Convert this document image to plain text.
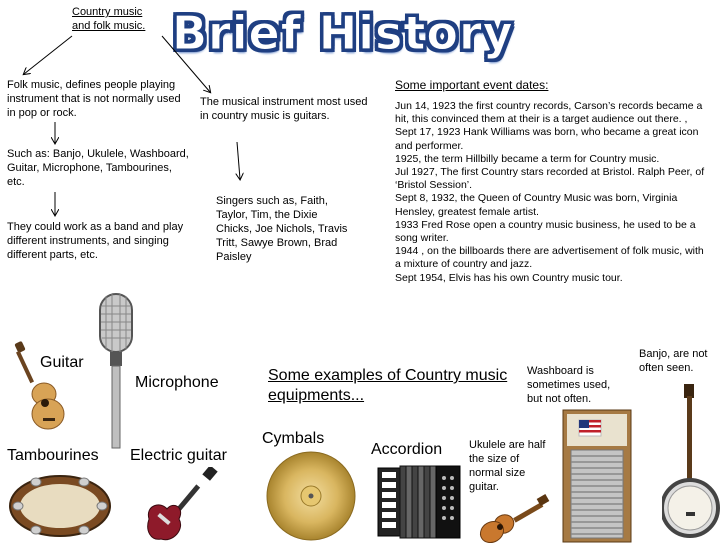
Brief History
Country music and folk music.
Folk music, defines people playing instrument that is not normally used in pop or rock.
Such as: Banjo, Ukulele, Washboard, Guitar, Microphone, Tambourines, etc.
They could work as a band and play different instruments, and singing different parts, etc.
The musical instrument most used in country music is guitars.
Singers such as, Faith, Taylor, Tim, the Dixie Chicks, Joe Nichols, Travis Tritt, Sawye Brown, Brad Paisley
Some important event dates:
Jun 14, 1923 the first country records, Carson’s records became a hit, this convinced them at their is a target audience out there. ,
Sept 17, 1923 Hank Williams was born, who became a great icon and performer.
1925, the term Hillbilly became a term for Country music.
Jul 1927, The first Country stars recorded at Bristol. Ralph Peer, of ‘Bristol Session’.
Sept 8, 1932, the Queen of Country Music was born, Virginia Hensley, greatest female artist.
1933 Fred Rose open a country music business, he used to be a song writer.
1944 , on the billboards there are advertisement of folk music, with a mixture of country and jazz.
Sept 1954, Elvis has his own Country music tour.
Some examples of Country music equipments...
Guitar
Microphone
Tambourines Electric guitar
Cymbals
Accordion Ukulele are half the size of normal size guitar.
Washboard is sometimes used, but not often.
Banjo, are not often seen.
